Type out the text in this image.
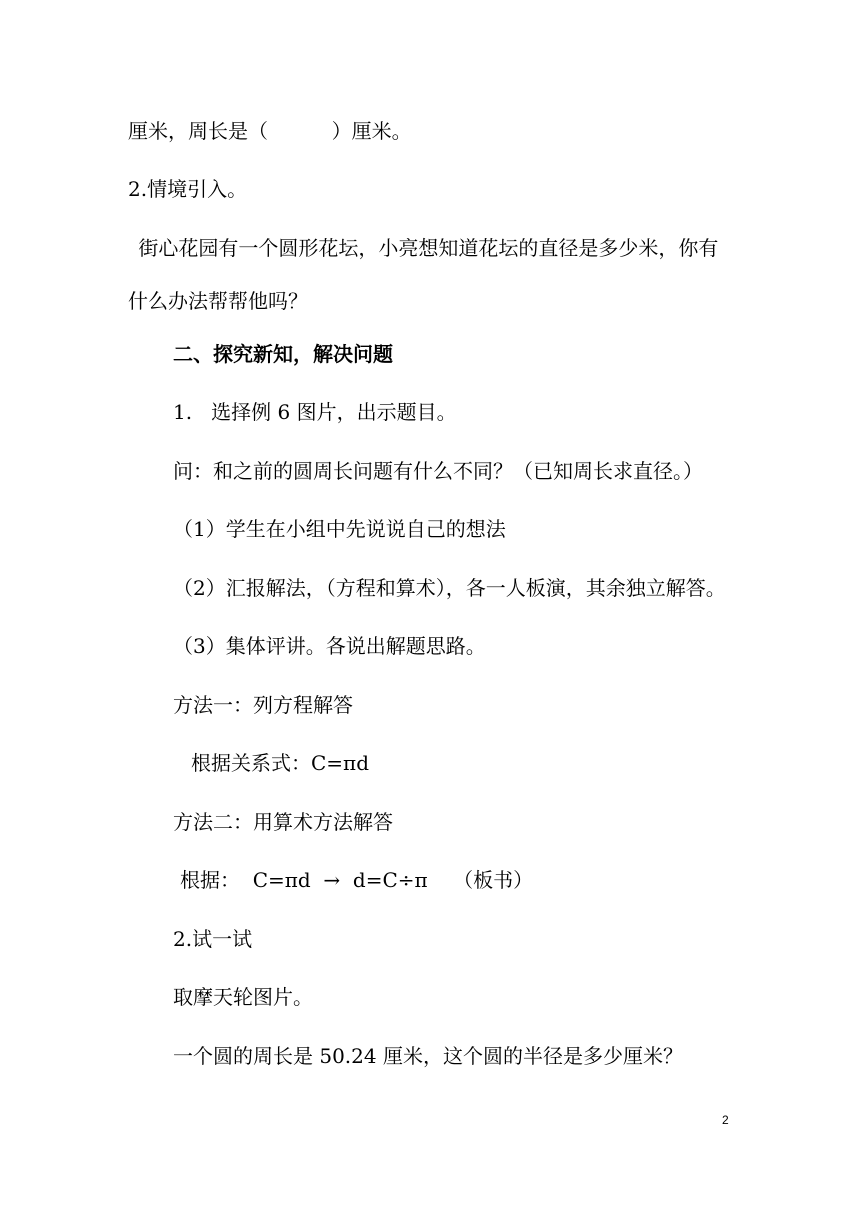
厘米，周长是（          ）厘米。

2.情境引入。

街心花园有一个圆形花坛，小亮想知道花坛的直径是多少米，你有

什么办法帮帮他吗？

二、探究新知，解决问题

1.   选择例 6 图片，出示题目。

问：和之前的圆周长问题有什么不同？（已知周长求直径。）

（1）学生在小组中先说说自己的想法

（2）汇报解法，（方程和算术），各一人板演，其余独立解答。

（3）集体评讲。各说出解题思路。

方法一：列方程解答

根据关系式：C=πd

方法二：用算术方法解答

根据：  C=πd  →  d=C÷π    （板书）

2.试一试

取摩天轮图片。

一个圆的周长是 50.24 厘米，这个圆的半径是多少厘米？

2
